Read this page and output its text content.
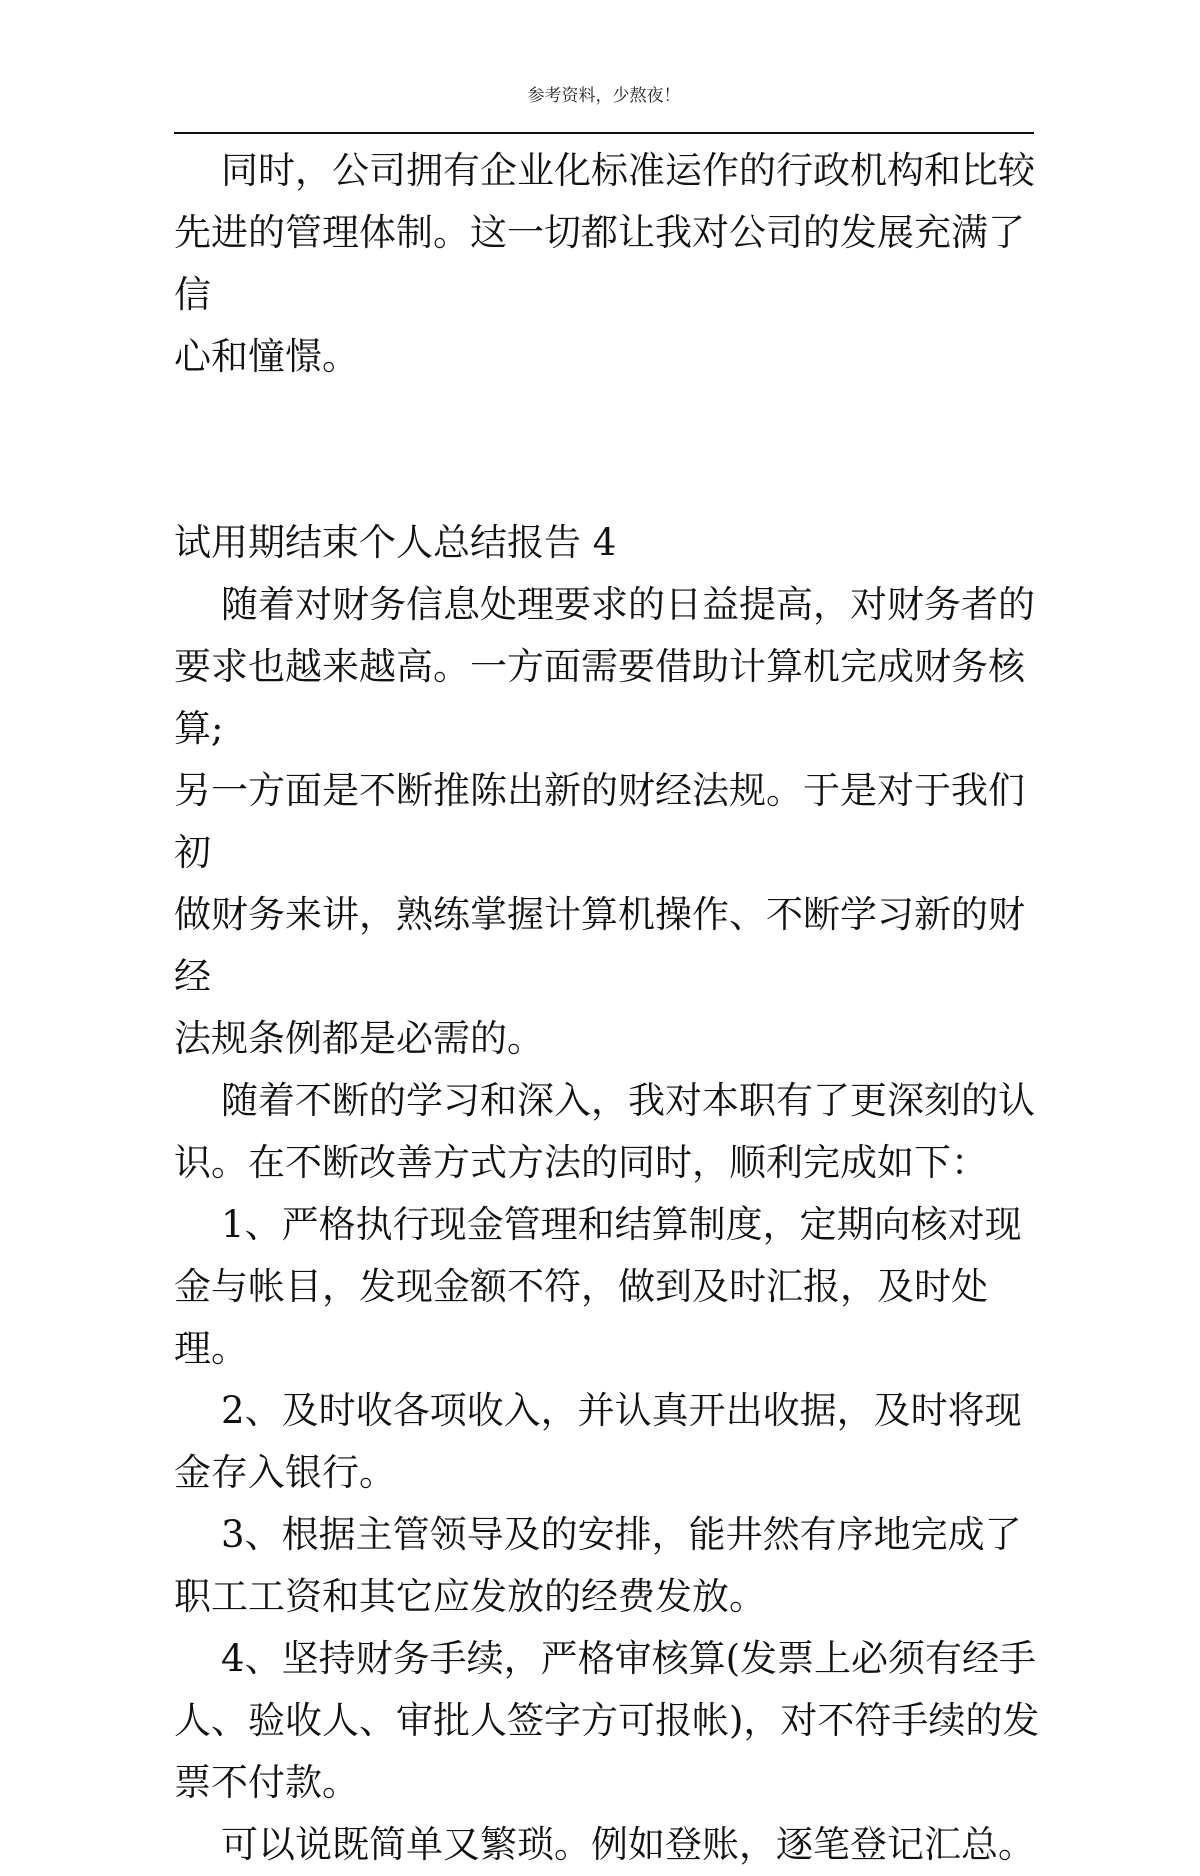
参考资料，少熬夜！

同时，公司拥有企业化标准运作的行政机构和比较

先进的管理体制。这一切都让我对公司的发展充满了信

心和憧憬。

试用期结束个人总结报告 4

随着对财务信息处理要求的日益提高，对财务者的

要求也越来越高。一方面需要借助计算机完成财务核算;

另一方面是不断推陈出新的财经法规。于是对于我们初

做财务来讲，熟练掌握计算机操作、不断学习新的财经

法规条例都是必需的。

随着不断的学习和深入，我对本职有了更深刻的认

识。在不断改善方式方法的同时，顺利完成如下：

1、严格执行现金管理和结算制度，定期向核对现

金与帐目，发现金额不符，做到及时汇报，及时处理。

2、及时收各项收入，并认真开出收据，及时将现

金存入银行。

3、根据主管领导及的安排，能井然有序地完成了

职工工资和其它应发放的经费发放。

4、坚持财务手续，严格审核算(发票上必须有经手

人、验收人、审批人签字方可报帐)，对不符手续的发

票不付款。

可以说既简单又繁琐。例如登账，逐笔登记汇总。
